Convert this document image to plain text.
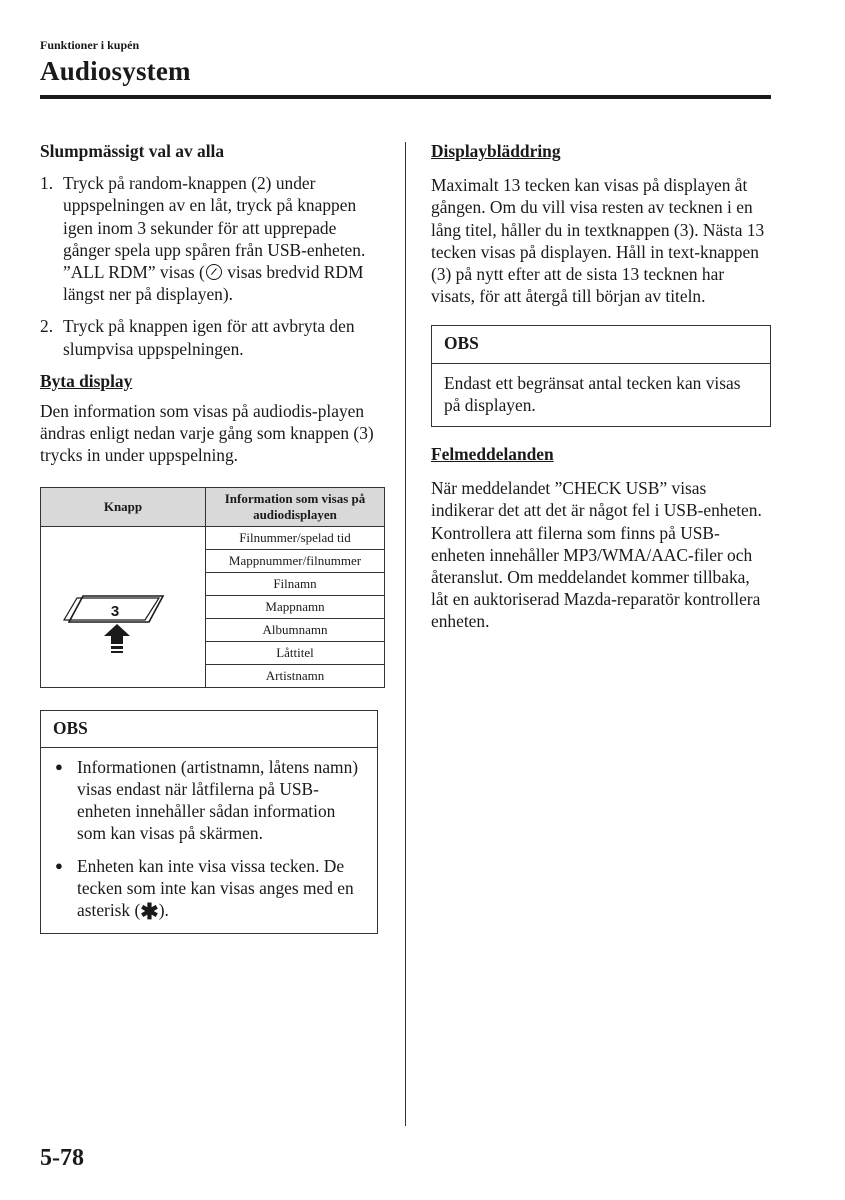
Funktioner i kupén
Audiosystem

Slumpmässigt val av alla

1. Tryck på random-knappen (2) under uppspelningen av en låt, tryck på knappen igen inom 3 sekunder för att upprepade gånger spela upp spåren från USB-enheten. ”ALL RDM” visas ( visas bredvid RDM längst ner på displayen).
2. Tryck på knappen igen för att avbryta den slumpvisa uppspelningen.

Byta display

Den information som visas på audiodis-playen ändras enligt nedan varje gång som knappen (3) trycks in under uppspelning.

Knapp	Information som visas på audiodisplayen

3	Filnummer/spelad tid
	Mappnummer/filnummer
	Filnamn
	Mappnamn
	Albumnamn
	Låttitel
	Artistnamn
OBS
● Informationen (artistnamn, låtens namn) visas endast när låtfilerna på USB-enheten innehåller sådan information som kan visas på skärmen.
● Enheten kan inte visa vissa tecken. De tecken som inte kan visas anges med en asterisk (✱).

Displaybläddring

Maximalt 13 tecken kan visas på displayen åt gången. Om du vill visa resten av tecknen i en lång titel, håller du in textknappen (3). Nästa 13 tecken visas på displayen. Håll in text-knappen (3) på nytt efter att de sista 13 tecknen har visats, för att återgå till början av titeln.

OBS
Endast ett begränsat antal tecken kan visas på displayen.

Felmeddelanden

När meddelandet ”CHECK USB” visas indikerar det att det är något fel i USB-enheten. Kontrollera att filerna som finns på USB-enheten innehåller MP3/WMA/AAC-filer och återanslut. Om meddelandet kommer tillbaka, låt en auktoriserad Mazda-reparatör kontrollera enheten.

5-78
